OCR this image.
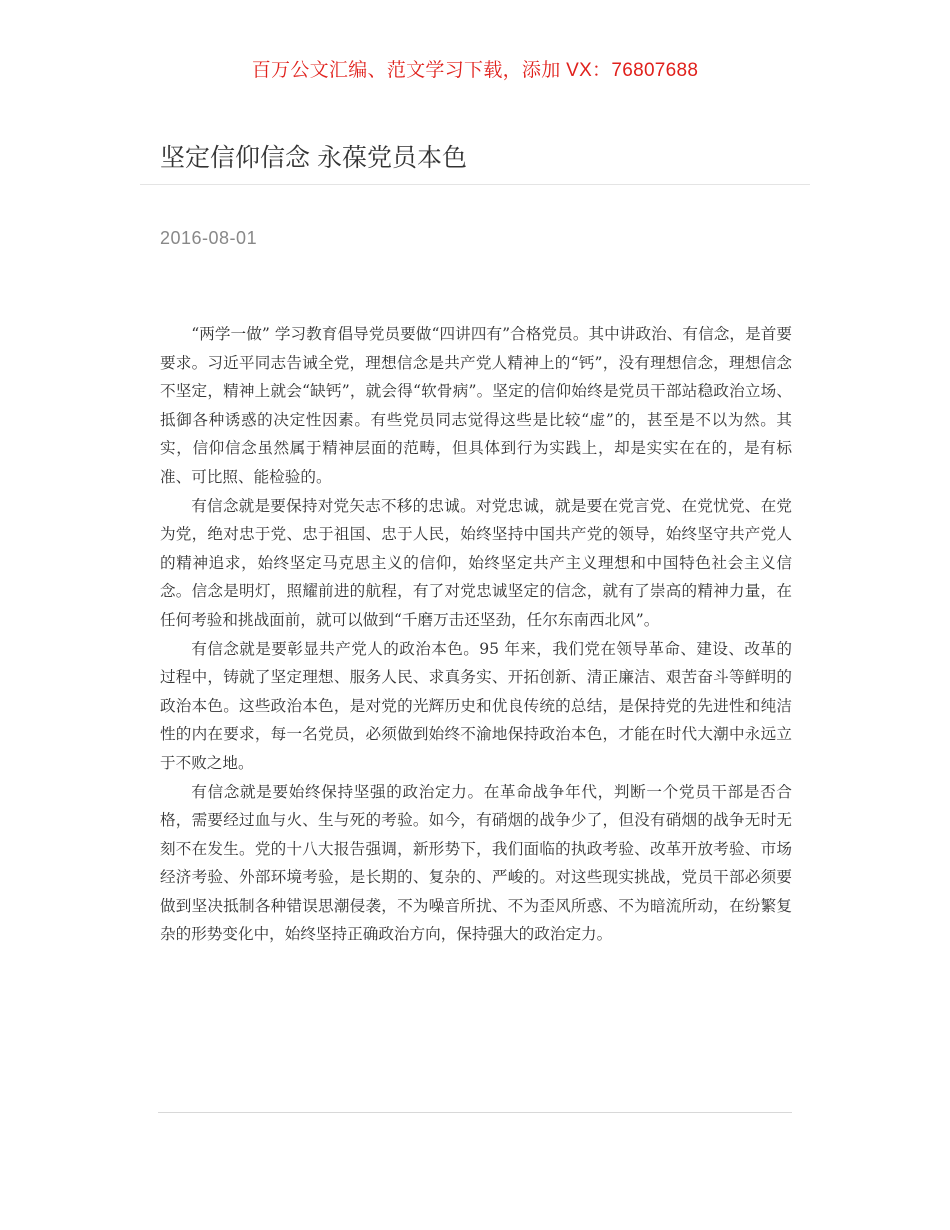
百万公文汇编、范文学习下载，添加 VX：76807688
坚定信仰信念 永葆党员本色
2016-08-01

“两学一做” 学习教育倡导党员要做“四讲四有”合格党员。其中讲政治、有信念，是首要要求。习近平同志告诫全党，理想信念是共产党人精神上的“钙”，没有理想信念，理想信念不坚定，精神上就会“缺钙”，就会得“软骨病”。坚定的信仰始终是党员干部站稳政治立场、抵御各种诱惑的决定性因素。有些党员同志觉得这些是比较“虚”的，甚至是不以为然。其实，信仰信念虽然属于精神层面的范畴，但具体到行为实践上，却是实实在在的，是有标准、可比照、能检验的。

有信念就是要保持对党矢志不移的忠诚。对党忠诚，就是要在党言党、在党忧党、在党为党，绝对忠于党、忠于祖国、忠于人民，始终坚持中国共产党的领导，始终坚守共产党人的精神追求，始终坚定马克思主义的信仰，始终坚定共产主义理想和中国特色社会主义信念。信念是明灯，照耀前进的航程，有了对党忠诚坚定的信念，就有了崇高的精神力量，在任何考验和挑战面前，就可以做到“千磨万击还坚劲，任尔东南西北风”。

有信念就是要彰显共产党人的政治本色。95 年来，我们党在领导革命、建设、改革的过程中，铸就了坚定理想、服务人民、求真务实、开拓创新、清正廉洁、艰苦奋斗等鲜明的政治本色。这些政治本色，是对党的光辉历史和优良传统的总结，是保持党的先进性和纯洁性的内在要求，每一名党员，必须做到始终不渝地保持政治本色，才能在时代大潮中永远立于不败之地。

有信念就是要始终保持坚强的政治定力。在革命战争年代，判断一个党员干部是否合格，需要经过血与火、生与死的考验。如今，有硝烟的战争少了，但没有硝烟的战争无时无刻不在发生。党的十八大报告强调，新形势下，我们面临的执政考验、改革开放考验、市场经济考验、外部环境考验，是长期的、复杂的、严峻的。对这些现实挑战，党员干部必须要做到坚决抵制各种错误思潮侵袭，不为噪音所扰、不为歪风所惑、不为暗流所动，在纷繁复杂的形势变化中，始终坚持正确政治方向，保持强大的政治定力。
